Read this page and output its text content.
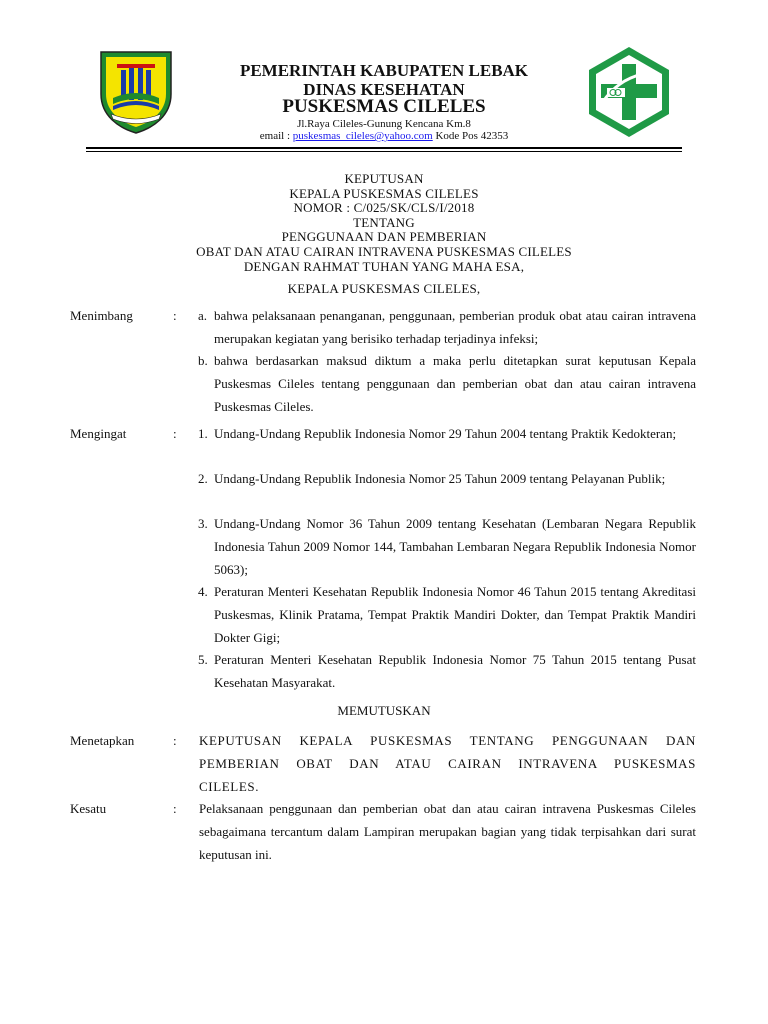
PEMERINTAH KABUPATEN LEBAK
DINAS KESEHATAN
PUSKESMAS CILELES
Jl.Raya Cileles-Gunung Kencana Km.8
email : puskesmas_cileles@yahoo.com Kode Pos 42353
KEPUTUSAN
KEPALA PUSKESMAS CILELES
NOMOR : C/025/SK/CLS/I/2018
TENTANG
PENGGUNAAN DAN PEMBERIAN
OBAT DAN ATAU CAIRAN INTRAVENA PUSKESMAS CILELES
DENGAN RAHMAT TUHAN YANG MAHA ESA,
KEPALA PUSKESMAS CILELES,
Menimbang	: a. bahwa pelaksanaan penanganan, penggunaan, pemberian produk obat atau cairan intravena merupakan kegiatan yang berisiko terhadap terjadinya infeksi;
b. bahwa berdasarkan maksud diktum a maka perlu ditetapkan surat keputusan Kepala Puskesmas Cileles tentang penggunaan dan pemberian obat dan atau cairan intravena Puskesmas Cileles.
Mengingat	: 1. Undang-Undang Republik Indonesia Nomor 29 Tahun 2004 tentang Praktik Kedokteran;
2. Undang-Undang Republik Indonesia Nomor 25 Tahun 2009 tentang Pelayanan Publik;
3. Undang-Undang Nomor 36 Tahun 2009 tentang Kesehatan (Lembaran Negara Republik Indonesia Tahun 2009 Nomor 144, Tambahan Lembaran Negara Republik Indonesia Nomor 5063);
4. Peraturan Menteri Kesehatan Republik Indonesia Nomor 46 Tahun 2015 tentang Akreditasi Puskesmas, Klinik Pratama, Tempat Praktik Mandiri Dokter, dan Tempat Praktik Mandiri Dokter Gigi;
5. Peraturan Menteri Kesehatan Republik Indonesia Nomor 75 Tahun 2015 tentang Pusat Kesehatan Masyarakat.
MEMUTUSKAN
Menetapkan	: KEPUTUSAN KEPALA PUSKESMAS TENTANG PENGGUNAAN DAN PEMBERIAN OBAT DAN ATAU CAIRAN INTRAVENA PUSKESMAS CILELES.
Kesatu	: Pelaksanaan penggunaan dan pemberian obat dan atau cairan intravena Puskesmas Cileles sebagaimana tercantum dalam Lampiran merupakan bagian yang tidak terpisahkan dari surat keputusan ini.
